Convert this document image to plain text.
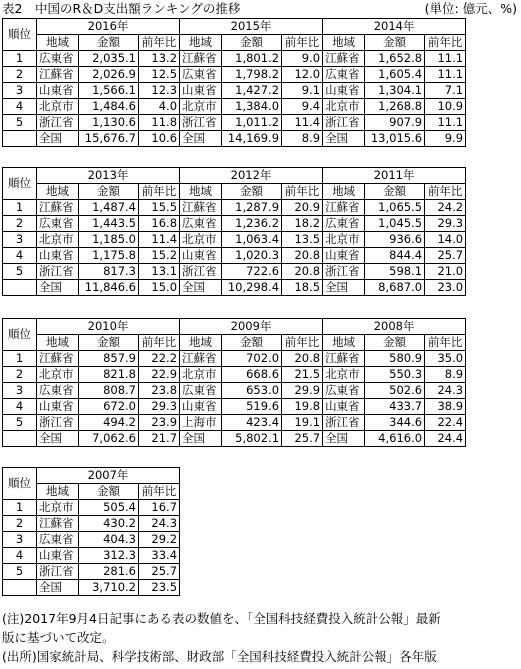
表2　中国のR＆D支出額ランキングの推移	(単位: 億元、%)
順位	2016年			2015年			2014年		
	地域	金額	前年比	地域	金額	前年比	地域	金額	前年比
1	広東省	2,035.1	13.2	江蘇省	1,801.2	9.0	江蘇省	1,652.8	11.1
2	江蘇省	2,026.9	12.5	広東省	1,798.2	12.0	広東省	1,605.4	11.1
3	山東省	1,566.1	12.3	山東省	1,427.2	9.1	山東省	1,304.1	7.1
4	北京市	1,484.6	4.0	北京市	1,384.0	9.4	北京市	1,268.8	10.9
5	浙江省	1,130.6	11.8	浙江省	1,011.2	11.4	浙江省	907.9	11.1
	全国	15,676.7	10.6	全国	14,169.9	8.9	全国	13,015.6	9.9
順位	2013年			2012年			2011年		
	地域	金額	前年比	地域	金額	前年比	地域	金額	前年比
1	江蘇省	1,487.4	15.5	江蘇省	1,287.9	20.9	江蘇省	1,065.5	24.2
2	広東省	1,443.5	16.8	広東省	1,236.2	18.2	広東省	1,045.5	29.3
3	北京市	1,185.0	11.4	北京市	1,063.4	13.5	北京市	936.6	14.0
4	山東省	1,175.8	15.2	山東省	1,020.3	20.8	山東省	844.4	25.7
5	浙江省	817.3	13.1	浙江省	722.6	20.8	浙江省	598.1	21.0
	全国	11,846.6	15.0	全国	10,298.4	18.5	全国	8,687.0	23.0
順位	2010年			2009年			2008年		
	地域	金額	前年比	地域	金額	前年比	地域	金額	前年比
1	江蘇省	857.9	22.2	江蘇省	702.0	20.8	江蘇省	580.9	35.0
2	北京市	821.8	22.9	北京市	668.6	21.5	北京市	550.3	8.9
3	広東省	808.7	23.8	広東省	653.0	29.9	広東省	502.6	24.3
4	山東省	672.0	29.3	山東省	519.6	19.8	山東省	433.7	38.9
5	浙江省	494.2	23.9	上海市	423.4	19.1	浙江省	344.6	22.4
	全国	7,062.6	21.7	全国	5,802.1	25.7	全国	4,616.0	24.4
順位	2007年		
	地域	金額	前年比
1	北京市	505.4	16.7
2	江蘇省	430.2	24.3
3	広東省	404.3	29.2
4	山東省	312.3	33.4
5	浙江省	281.6	25.7
	全国	3,710.2	23.5
(注)2017年9月4日記事にある表の数値を、「全国科技経費投入統計公報」最新
版に基づいて改定。
(出所)国家統計局、科学技術部、財政部「全国科技経費投入統計公報」各年版
